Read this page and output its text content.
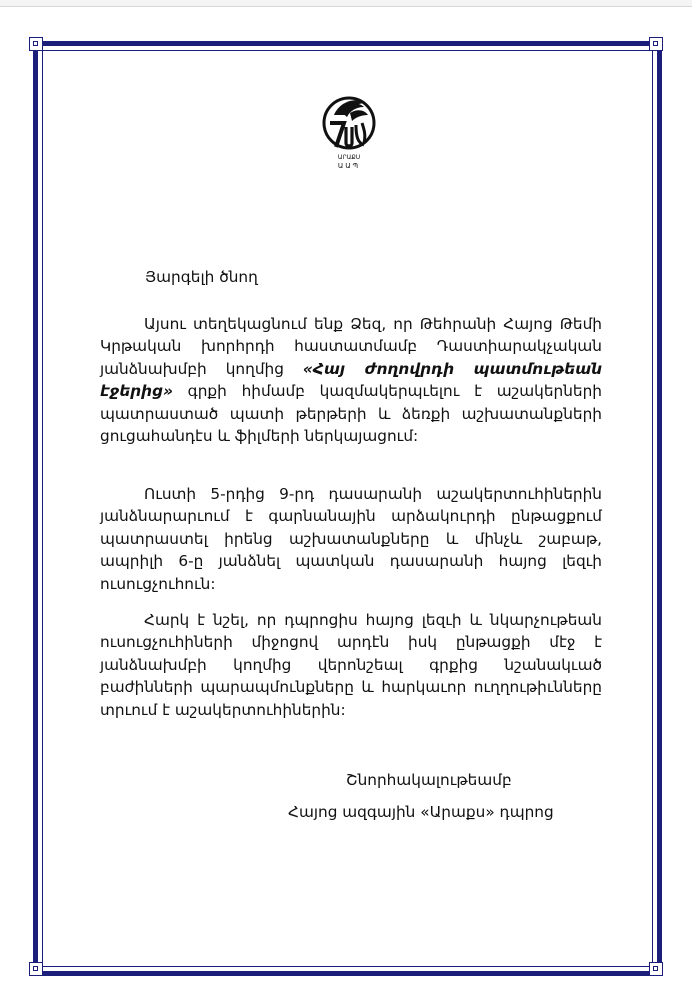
ԱՐԱՔՍ
ԱԱՊ
Յարգելի ծնող
Այսու տեղեկացնում ենք Ձեզ, որ Թեհրանի Հայոց Թեմի Կրթական խորհրդի հաստատմամբ Դաստիարակչական յանձնախմբի կողմից «Հայ ժողովրդի պատմութեան էջերից» գրքի հիմամբ կազմակերպւելու է աշակերների պատրաստած պատի թերթերի և ձեռքի աշխատանքների ցուցահանդէս և ֆիլմերի ներկայացում:
Ուստի 5-րդից 9-րդ դասարանի աշակերտուհիներին յանձնարարւում է գարնանային արձակուրդի ընթացքում պատրաստել իրենց աշխատանքները և մինչև շաբաթ, ապրիլի 6-ը յանձնել պատկան դասարանի հայոց լեզւի ուսուցչուհուն:
Հարկ է նշել, որ դպրոցիս հայոց լեզւի և նկարչութեան ուսուցչուհիների միջոցով արդէն իսկ ընթացքի մէջ է յանձնախմբի կողմից վերոնշեալ գրքից նշանակւած բաժինների պարապմունքները և հարկաւոր ուղղութիւնները տրւում է աշակերտուհիներին:
Շնորհակալութեամբ
Հայոց ազգային «Արաքս» դպրոց
